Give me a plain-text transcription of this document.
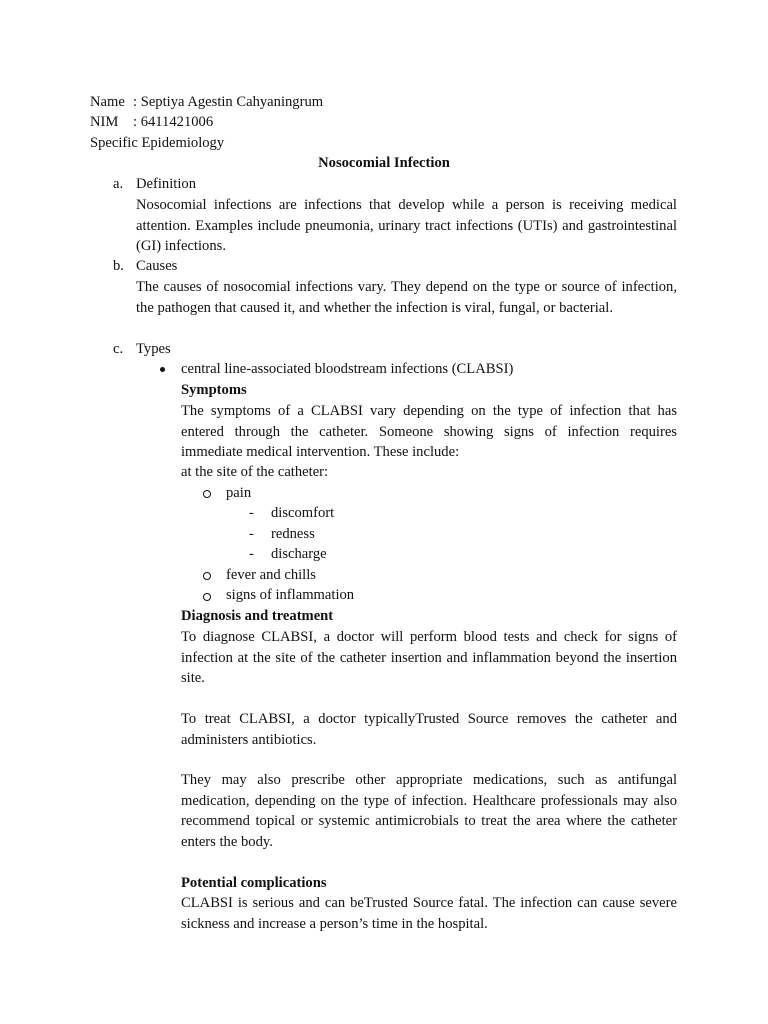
Name : Septiya Agestin Cahyaningrum
NIM : 6411421006
Specific Epidemiology
Nosocomial Infection
a. Definition
Nosocomial infections are infections that develop while a person is receiving medical attention. Examples include pneumonia, urinary tract infections (UTIs) and gastrointestinal (GI) infections.
b. Causes
The causes of nosocomial infections vary. They depend on the type or source of infection, the pathogen that caused it, and whether the infection is viral, fungal, or bacterial.
c. Types
central line-associated bloodstream infections (CLABSI)
Symptoms
The symptoms of a CLABSI vary depending on the type of infection that has entered through the catheter. Someone showing signs of infection requires immediate medical intervention. These include:
at the site of the catheter:
pain
- discomfort
- redness
- discharge
fever and chills
signs of inflammation
Diagnosis and treatment
To diagnose CLABSI, a doctor will perform blood tests and check for signs of infection at the site of the catheter insertion and inflammation beyond the insertion site.
To treat CLABSI, a doctor typicallyTrusted Source removes the catheter and administers antibiotics.
They may also prescribe other appropriate medications, such as antifungal medication, depending on the type of infection. Healthcare professionals may also recommend topical or systemic antimicrobials to treat the area where the catheter enters the body.
Potential complications
CLABSI is serious and can beTrusted Source fatal. The infection can cause severe sickness and increase a person’s time in the hospital.
